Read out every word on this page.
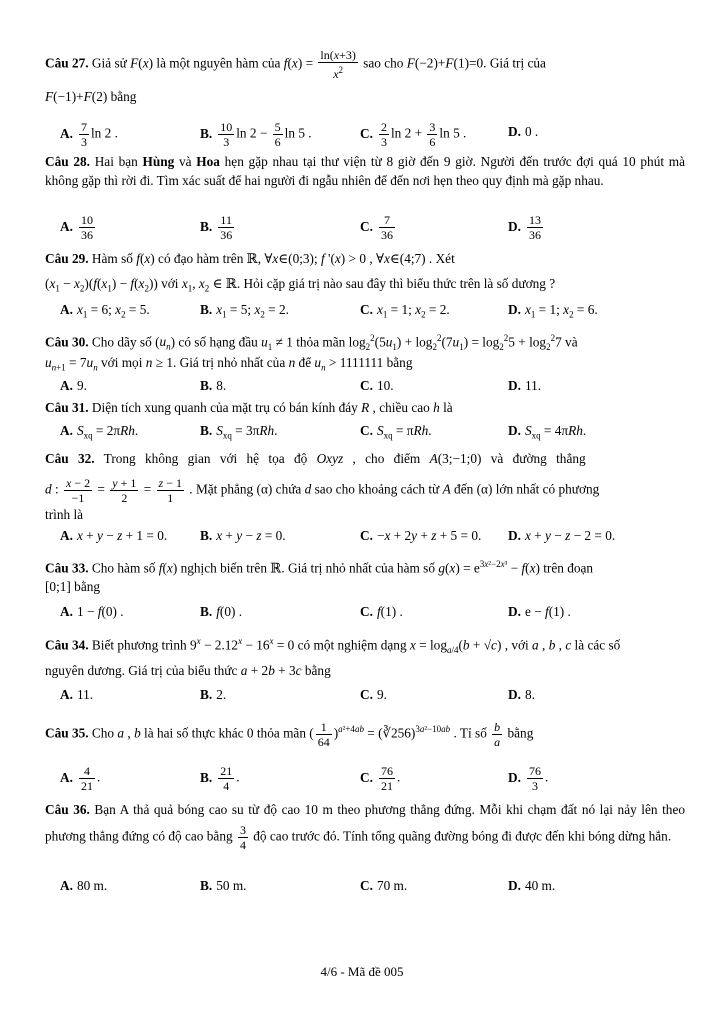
Câu 27. Giả sử F(x) là một nguyên hàm của $f(x) = \frac{\ln(x+3)}{x^2}$ sao cho F(−2)+F(1)=0. Giá trị của
F(−1)+F(2) bằng
A. $\frac{7}{3}$ ln 2 .	B. $\frac{10}{3}$ $\ln 2 - \frac{5}{6}$ ln 5 .	C. $\frac{2}{3}$ $\ln 2 + \frac{3}{6}$ ln 5 .	D. 0 .
Câu 28. Hai bạn Hùng và Hoa hẹn gặp nhau tại thư viện từ 8 giờ đến 9 giờ. Người đến trước đợi quá 10 phút mà không gặp thì rời đi. Tìm xác suất để hai người đi ngẫu nhiên để đến nơi hẹn theo quy định mà gặp nhau.
A. $\frac{10}{36}$	B. $\frac{11}{36}$	C. $\frac{7}{36}$	D. $\frac{13}{36}$
Câu 29. Hàm số f(x) có đạo hàm trên ℝ, ∀x∈(0;3); f '(x) > 0 , ∀x∈(4;7) . Xét
$(x_1 - x_2)(f(x_1) - f(x_2))$ với $x_1$, $x_2$ ∈ ℝ. Hỏi cặp giá trị nào sau đây thì biểu thức trên là số dương ?
A. $x_1 = 6$; $x_2 = 5$.	B. $x_1 = 5$; $x_2 = 2$.	C. $x_1 = 1$; $x_2 = 2$.	D. $x_1 = 1$; $x_2 = 6$.
Câu 30. Cho dãy số $(u_n)$ có số hạng đầu $u_1 \ne 1$ thỏa mãn $\log_2^2(5u_1) + \log_2^2(7u_1) = \log_2^25 + \log_2^27$ và
$u_{n+1} = 7u_n$ với mọi n ≥ 1. Giá trị nhỏ nhất của n để $u_n > 1111111$ bằng
A. 9.	B. 8.	C. 10.	D. 11.
Câu 31. Diện tích xung quanh của mặt trụ có bán kính đáy R , chiều cao h là
A. $S_{xq} = 2\pi Rh$.	B. $S_{xq} = 3\pi Rh$.	C. $S_{xq} = \pi Rh$.	D. $S_{xq} = 4\pi Rh$.
Câu 32. Trong không gian với hệ tọa độ Oxyz , cho điểm A(3;−1;0) và đường thẳng
d : $\frac{x - 2}{-1} = \frac{y + 1}{2} = \frac{z - 1}{1}$ . Mặt phẳng (α) chứa d sao cho khoảng cách từ A đến (α) lớn nhất có phương
trình là
A. x + y − z + 1 = 0. B. x + y − z = 0.	C. −x + 2y + z + 5 = 0. D. x + y − z − 2 = 0.
Câu 33. Cho hàm số f(x) nghịch biến trên ℝ. Giá trị nhỏ nhất của hàm số $g(x) = e^{3x^2-2x^3} - f(x)$ trên đoạn
[0;1] bằng
A. 1 − f(0) .	B. f(0) .	C. f(1) .	D. e − f(1) .
Câu 34. Biết phương trình $9^x - 2.12^x - 16^x = 0$ có một nghiệm dạng $x = \log_{a/4}(b + √c)$ , với a , b , c là các số
nguyên dương. Giá trị của biểu thức a + 2b + 3c bằng
A. 11.	B. 2.	C. 9.	D. 8.
Câu 35. Cho a , b là hai số thực khác 0 thỏa mãn ( $\frac{1}{64} )^{a^2+4ab}$ = (∛256)$^{3a^2-10ab}$ . Tỉ số $\frac{b}{a}$ bằng
A. $\frac{4}{21}$ .	B. $\frac{21}{4}$ .	C. $\frac{76}{21}$ .	D. $\frac{76}{3}$ .
Câu 36. Bạn A thả quả bóng cao su từ độ cao 10 m theo phương thẳng đứng. Mỗi khi chạm đất nó lại nảy lên theo phương thẳng đứng có độ cao bằng $\frac{3}{4}$ độ cao trước đó. Tính tổng quãng đường bóng đi được đến khi bóng dừng hẳn.
A. 80 m.	B. 50 m.	C. 70 m.	D. 40 m.
4/6 - Mã đề 005
